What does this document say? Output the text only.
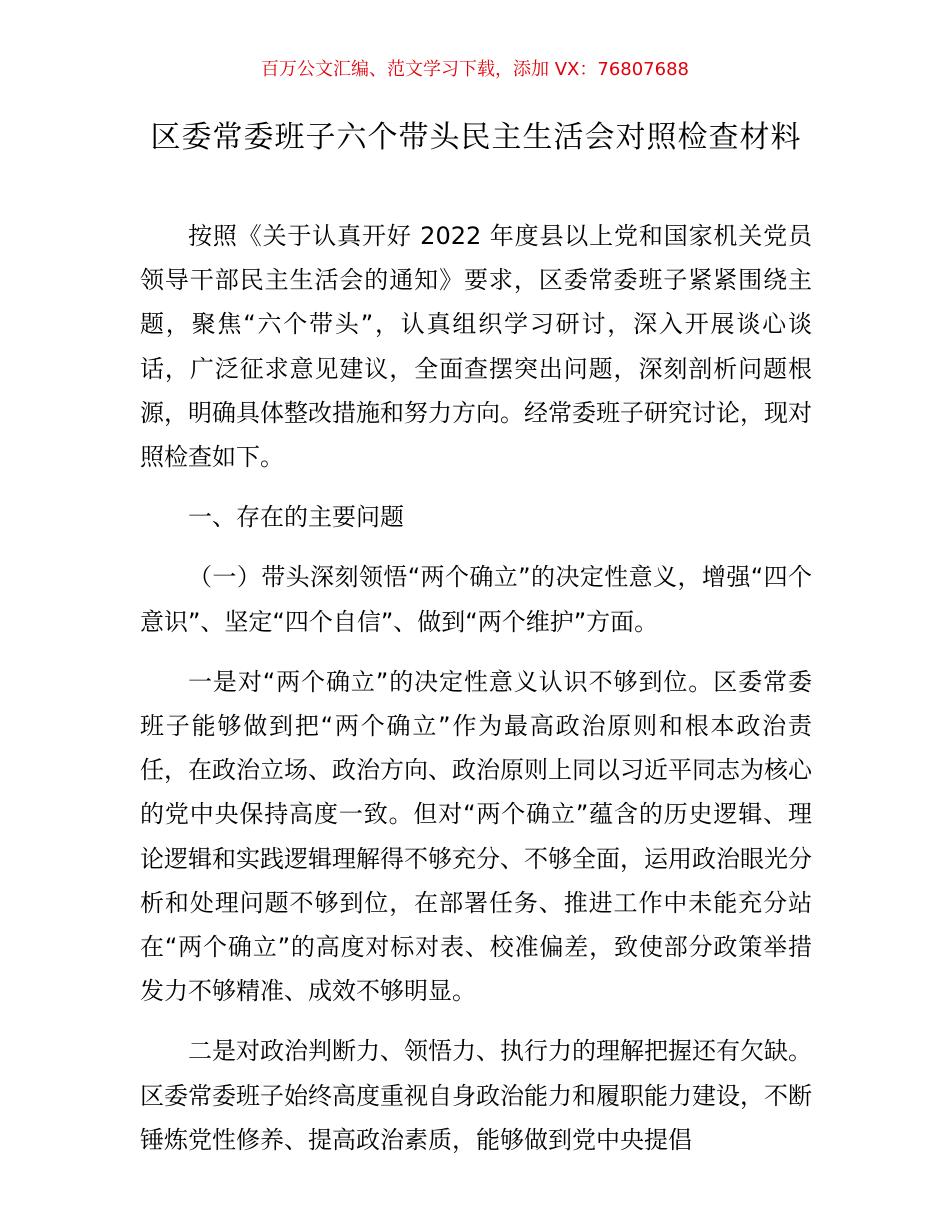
百万公文汇编、范文学习下载，添加 VX：76807688
区委常委班子六个带头民主生活会对照检查材料

按照《关于认真开好 2022 年度县以上党和国家机关党员领导干部民主生活会的通知》要求，区委常委班子紧紧围绕主题，聚焦“六个带头”，认真组织学习研讨，深入开展谈心谈话，广泛征求意见建议，全面查摆突出问题，深刻剖析问题根源，明确具体整改措施和努力方向。经常委班子研究讨论，现对照检查如下。

一、存在的主要问题

（一）带头深刻领悟“两个确立”的决定性意义，增强“四个意识”、坚定“四个自信”、做到“两个维护”方面。

一是对“两个确立”的决定性意义认识不够到位。区委常委班子能够做到把“两个确立”作为最高政治原则和根本政治责任，在政治立场、政治方向、政治原则上同以习近平同志为核心的党中央保持高度一致。但对“两个确立”蕴含的历史逻辑、理论逻辑和实践逻辑理解得不够充分、不够全面，运用政治眼光分析和处理问题不够到位，在部署任务、推进工作中未能充分站在“两个确立”的高度对标对表、校准偏差，致使部分政策举措发力不够精准、成效不够明显。

二是对政治判断力、领悟力、执行力的理解把握还有欠缺。区委常委班子始终高度重视自身政治能力和履职能力建设，不断锤炼党性修养、提高政治素质，能够做到党中央提倡
